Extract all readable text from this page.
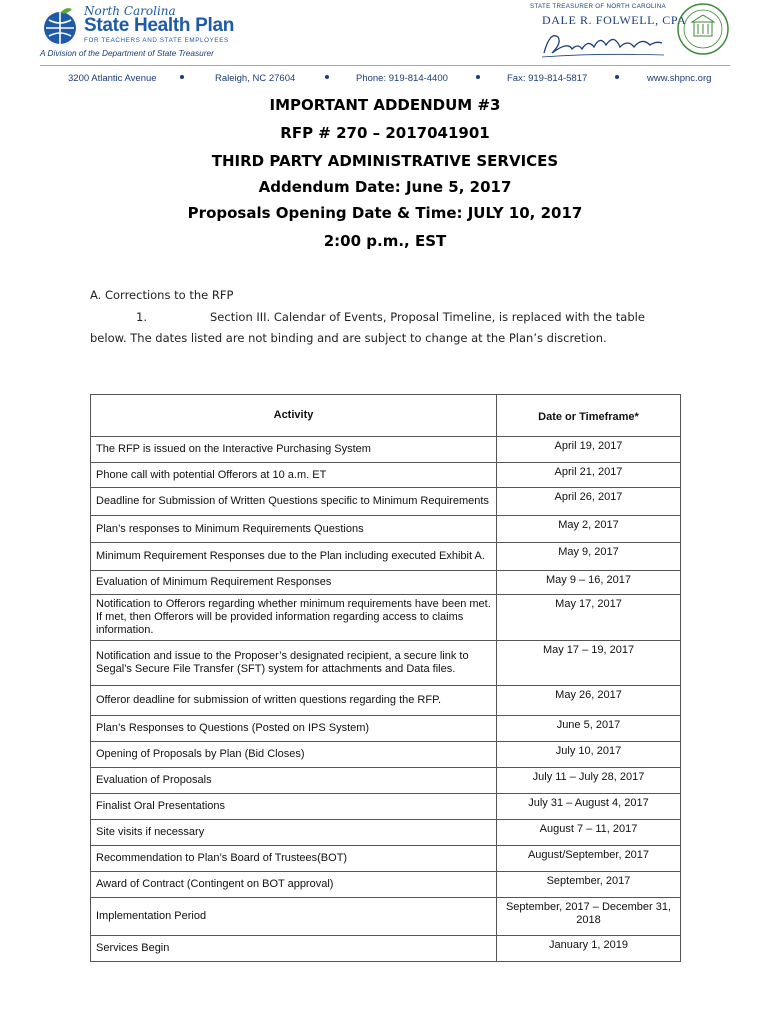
North Carolina
State Health Plan
FOR TEACHERS AND STATE EMPLOYEES
A Division of the Department of State Treasurer
STATE TREASURER OF NORTH CAROLINA
DALE R. FOLWELL, CPA
3200 Atlantic Avenue	Raleigh, NC 27604	Phone: 919-814-4400	Fax: 919-814-5817	www.shpnc.org
IMPORTANT ADDENDUM #3
RFP # 270 – 2017041901
THIRD PARTY ADMINISTRATIVE SERVICES
Addendum Date: June 5, 2017
Proposals Opening Date & Time: JULY 10, 2017
2:00 p.m., EST
A. Corrections to the RFP
1.	Section III. Calendar of Events, Proposal Timeline, is replaced with the table
below. The dates listed are not binding and are subject to change at the Plan’s discretion.
Activity	Date or Timeframe*
The RFP is issued on the Interactive Purchasing System	April 19, 2017
Phone call with potential Offerors at 10 a.m. ET	April 21, 2017
Deadline for Submission of Written Questions specific to Minimum Requirements	April 26, 2017
Plan’s responses to Minimum Requirements Questions	May 2, 2017
Minimum Requirement Responses due to the Plan including executed Exhibit A.	May 9, 2017
Evaluation of Minimum Requirement Responses	May 9 – 16, 2017
Notification to Offerors regarding whether minimum requirements have been met. If met, then Offerors will be provided information regarding access to claims information.	May 17, 2017
Notification and issue to the Proposer’s designated recipient, a secure link to Segal’s Secure File Transfer (SFT) system for attachments and Data files.	May 17 – 19, 2017
Offeror deadline for submission of written questions regarding the RFP.	May 26, 2017
Plan’s Responses to Questions (Posted on IPS System)	June 5, 2017
Opening of Proposals by Plan (Bid Closes)	July 10, 2017
Evaluation of Proposals	July 11 – July 28, 2017
Finalist Oral Presentations	July 31 – August 4, 2017
Site visits if necessary	August 7 – 11, 2017
Recommendation to Plan’s Board of Trustees(BOT)	August/September, 2017
Award of Contract (Contingent on BOT approval)	September, 2017
Implementation Period	September, 2017 – December 31, 2018
Services Begin	January 1, 2019
